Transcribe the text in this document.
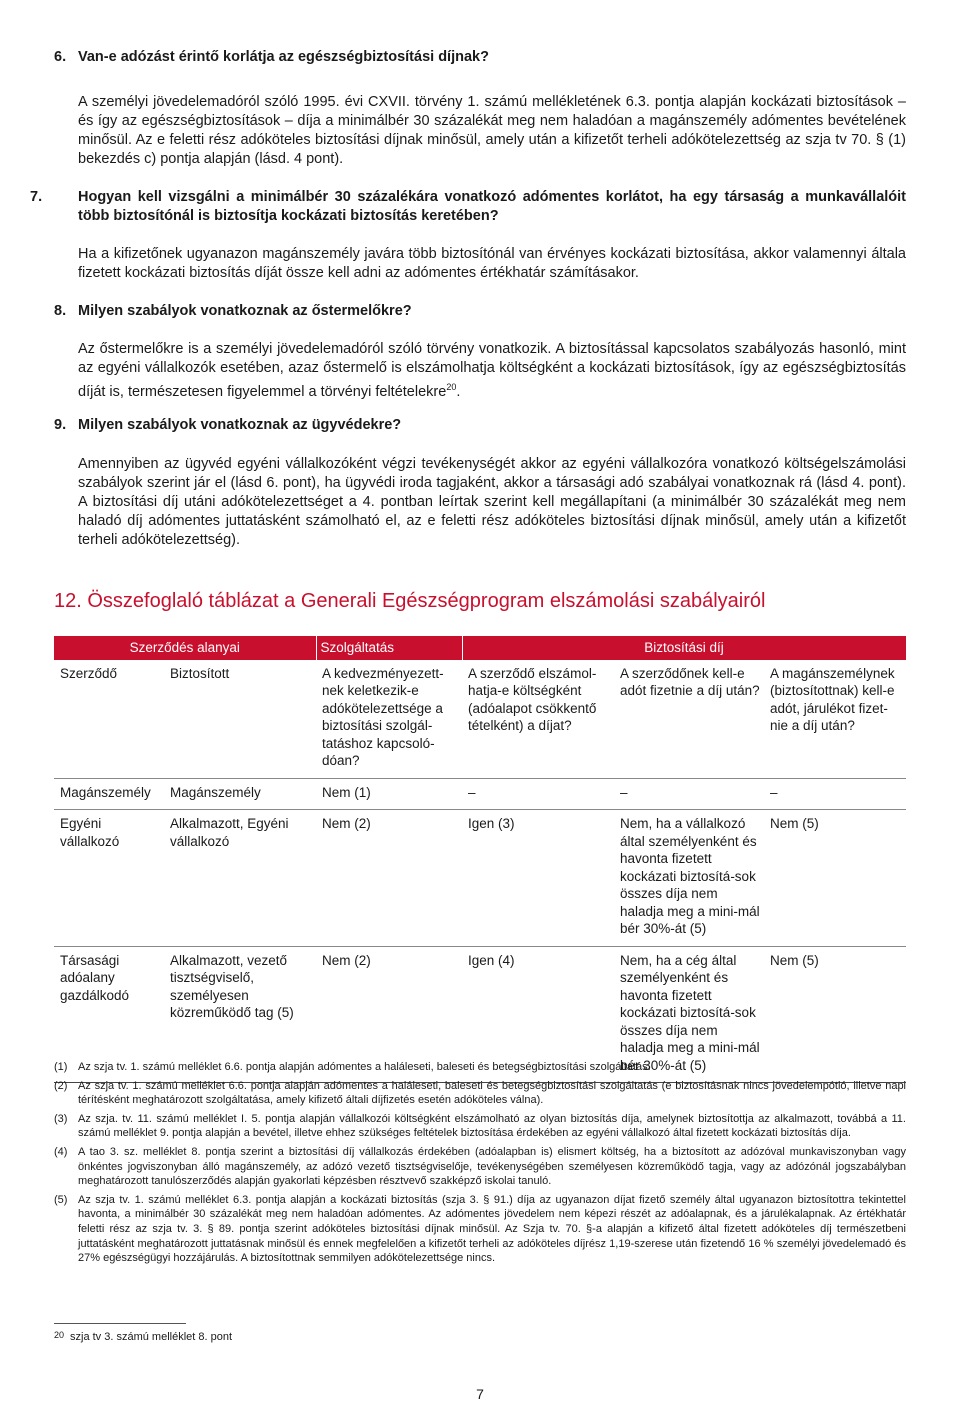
6. Van-e adózást érintő korlátja az egészségbiztosítási díjnak?
A személyi jövedelemadóról szóló 1995. évi CXVII. törvény 1. számú mellékletének 6.3. pontja alapján kockázati biztosítások – és így az egészségbiztosítások – díja a minimálbér 30 százalékát meg nem haladóan a magánszemély adómentes bevételének minősül. Az e feletti rész adóköteles biztosítási díjnak minősül, amely után a kifizetőt terheli adókötelezettség az szja tv 70. § (1) bekezdés c) pontja alapján (lásd. 4 pont).
7. Hogyan kell vizsgálni a minimálbér 30 százalékára vonatkozó adómentes korlátot, ha egy társaság a munkavállalóit több biztosítónál is biztosítja kockázati biztosítás keretében?
Ha a kifizetőnek ugyanazon magánszemély javára több biztosítónál van érvényes kockázati biztosítása, akkor valamennyi általa fizetett kockázati biztosítás díját össze kell adni az adómentes értékhatár számításakor.
8. Milyen szabályok vonatkoznak az őstermelőkre?
Az őstermelőkre is a személyi jövedelemadóról szóló törvény vonatkozik. A biztosítással kapcsolatos szabályozás hasonló, mint az egyéni vállalkozók esetében, azaz őstermelő is elszámolhatja költségként a kockázati biztosítások, így az egészségbiztosítás díját is, természetesen figyelemmel a törvényi feltételekre$^{20}$.
9. Milyen szabályok vonatkoznak az ügyvédekre?
Amennyiben az ügyvéd egyéni vállalkozóként végzi tevékenységét akkor az egyéni vállalkozóra vonatkozó költségelszámolási szabályok szerint jár el (lásd 6. pont), ha ügyvédi iroda tagjaként, akkor a társasági adó szabályai vonatkoznak rá (lásd 4. pont). A biztosítási díj utáni adókötelezettséget a 4. pontban leírtak szerint kell megállapítani (a minimálbér 30 százalékát meg nem haladó díj adómentes juttatásként számolható el, az e feletti rész adóköteles biztosítási díjnak minősül, amely után a kifizetőt terheli adókötelezettség).
12. Összefoglaló táblázat a Generali Egészségprogram elszámolási szabályairól
Szerződés alanyai		Szolgáltatás	Biztosítási díj		
Szerződő	Biztosított	A kedvezményezett-nek keletkezik-e adókötelezettsége a biztosítási szolgál-tatáshoz kapcsoló-dóan?	A szerződő elszámol-hatja-e költségként (adóalapot csökkentő tételként) a díjat?	A szerződőnek kell-e adót fizetnie a díj után?	A magánszemélynek (biztosítottnak) kell-e adót, járulékot fizet-nie a díj után?
Magánszemély	Magánszemély	Nem (1)	–	–	–
Egyéni vállalkozó	Alkalmazott, Egyéni vállalkozó	Nem (2)	Igen (3)	Nem, ha a vállalkozó által személyenként és havonta fizetett kockázati biztosítá-sok összes díja nem haladja meg a mini-mál bér 30%-át (5)	Nem (5)
Társasági adóalany gazdálkodó	Alkalmazott, vezető tisztségviselő, személyesen közreműködő tag (5)	Nem (2)	Igen (4)	Nem, ha a cég által személyenként és havonta fizetett kockázati biztosítá-sok összes díja nem haladja meg a mini-mál bér 30%-át (5)	Nem (5)
(1) Az szja tv. 1. számú melléklet 6.6. pontja alapján adómentes a haláleseti, baleseti és betegségbiztosítási szolgáltatás.
(2) Az szja tv. 1. számú melléklet 6.6. pontja alapján adómentes a haláleseti, baleseti és betegségbiztosítási szolgáltatás (e biztosításnak nincs jövedelempótló, illetve napi térítésként meghatározott szolgáltatása, amely kifizető általi díjfizetés esetén adóköteles válna).
(3) Az szja. tv. 11. számú melléklet I. 5. pontja alapján vállalkozói költségként elszámolható az olyan biztosítás díja, amelynek biztosítottja az alkalmazott, továbbá a 11. számú melléklet 9. pontja alapján a bevétel, illetve ehhez szükséges feltételek biztosítása érdekében az egyéni vállalkozó által fizetett kockázati biztosítás díja.
(4) A tao 3. sz. melléklet 8. pontja szerint a biztosítási díj vállalkozás érdekében (adóalapban is) elismert költség, ha a biztosított az adózóval munkaviszonyban vagy önkéntes jogviszonyban álló magánszemély, az adózó vezető tisztségviselője, tevékenységében személyesen közreműködő tagja, vagy az adózónál jogszabályban meghatározott tanulószerződés alapján gyakorlati képzésben résztvevő szakképző iskolai tanuló.
(5) Az szja tv. 1. számú melléklet 6.3. pontja alapján a kockázati biztosítás (szja 3. § 91.) díja az ugyanazon díjat fizető személy által ugyanazon biztosítottra tekintettel havonta, a minimálbér 30 százalékát meg nem haladóan adómentes. Az adómentes jövedelem nem képezi részét az adóalapnak, és a járulékalapnak. Az értékhatár feletti rész az szja tv. 3. § 89. pontja szerint adóköteles biztosítási díjnak minősül. Az Szja tv. 70. §-a alapján a kifizető által fizetett adóköteles díj természetbeni juttatásként meghatározott juttatásnak minősül és ennek megfelelően a kifizetőt terheli az adóköteles díjrész 1,19-szerese után fizetendő 16 % személyi jövedelemadó és 27% egészségügyi hozzájárulás. A biztosítottnak semmilyen adókötelezettsége nincs.
20 szja tv 3. számú melléklet 8. pont
7
